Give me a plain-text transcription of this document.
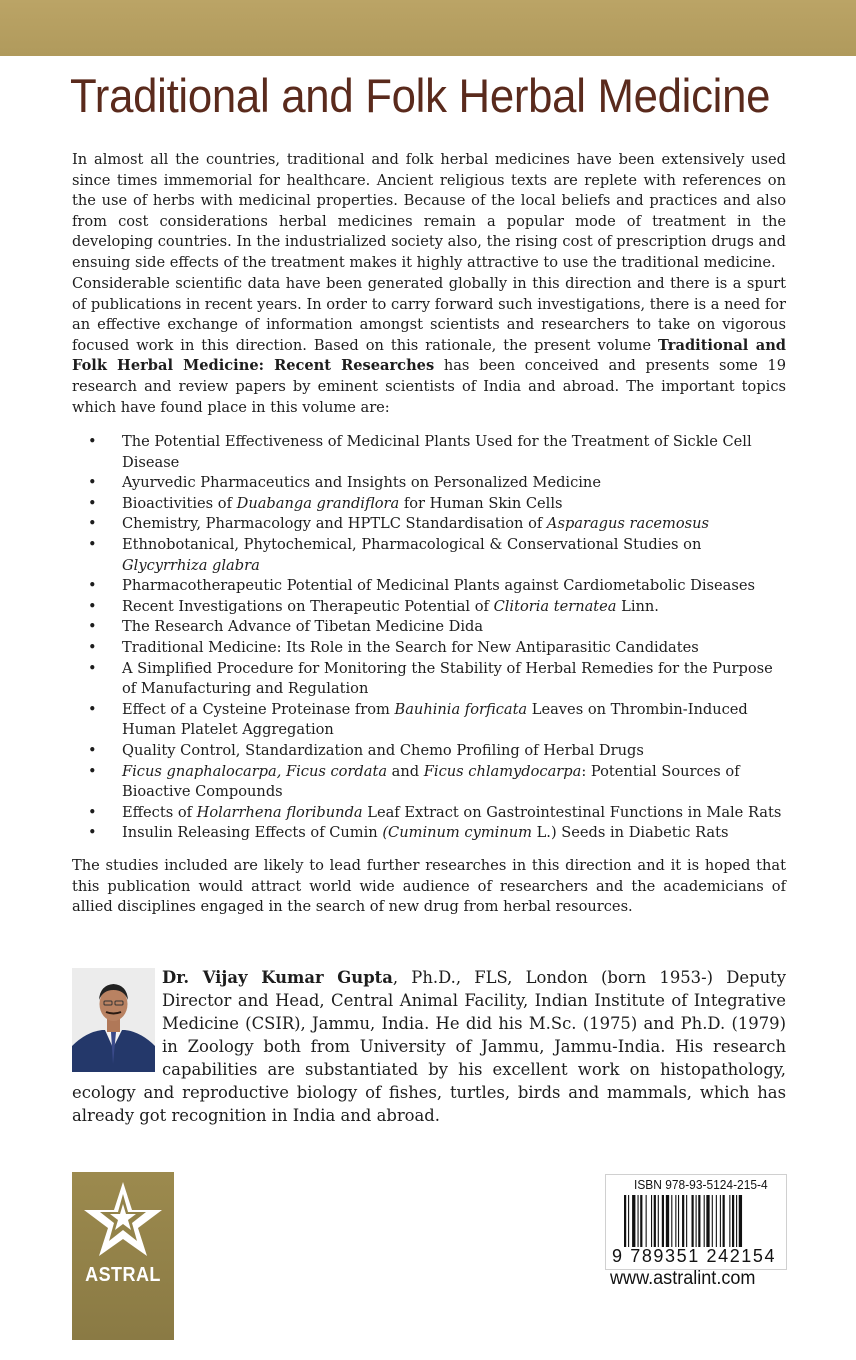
Traditional and Folk Herbal Medicine

In almost all the countries, traditional and folk herbal medicines have been extensively used since times immemorial for healthcare. Ancient religious texts are replete with references on the use of herbs with medicinal properties. Because of the local beliefs and practices and also from cost considerations herbal medicines remain a popular mode of treatment in the developing countries. In the industrialized society also, the rising cost of prescription drugs and ensuing side effects of the treatment makes it highly attractive to use the traditional medicine.

Considerable scientific data have been generated globally in this direction and there is a spurt of publications in recent years. In order to carry forward such investigations, there is a need for an effective exchange of information amongst scientists and researchers to take on vigorous focused work in this direction. Based on this rationale, the present volume Traditional and Folk Herbal Medicine: Recent Researches has been conceived and presents some 19 research and review papers by eminent scientists of India and abroad. The important topics which have found place in this volume are:

• The Potential Effectiveness of Medicinal Plants Used for the Treatment of Sickle Cell Disease
• Ayurvedic Pharmaceutics and Insights on Personalized Medicine
• Bioactivities of Duabanga grandiflora for Human Skin Cells
• Chemistry, Pharmacology and HPTLC Standardisation of Asparagus racemosus
• Ethnobotanical, Phytochemical, Pharmacological & Conservational Studies on Glycyrrhiza glabra
• Pharmacotherapeutic Potential of Medicinal Plants against Cardiometabolic Diseases
• Recent Investigations on Therapeutic Potential of Clitoria ternatea Linn.
• The Research Advance of Tibetan Medicine Dida
• Traditional Medicine: Its Role in the Search for New Antiparasitic Candidates
• A Simplified Procedure for Monitoring the Stability of Herbal Remedies for the Purpose of Manufacturing and Regulation
• Effect of a Cysteine Proteinase from Bauhinia forficata Leaves on Thrombin-Induced Human Platelet Aggregation
• Quality Control, Standardization and Chemo Profiling of Herbal Drugs
• Ficus gnaphalocarpa, Ficus cordata and Ficus chlamydocarpa: Potential Sources of Bioactive Compounds
• Effects of Holarrhena floribunda Leaf Extract on Gastrointestinal Functions in Male Rats
• Insulin Releasing Effects of Cumin (Cuminum cyminum L.) Seeds in Diabetic Rats

The studies included are likely to lead further researches in this direction and it is hoped that this publication would attract world wide audience of researchers and the academicians of allied disciplines engaged in the search of new drug from herbal resources.

Dr. Vijay Kumar Gupta, Ph.D., FLS, London (born 1953-) Deputy Director and Head, Central Animal Facility, Indian Institute of Integrative Medicine (CSIR), Jammu, India. He did his M.Sc. (1975) and Ph.D. (1979) in Zoology both from University of Jammu, Jammu-India. His research capabilities are substantiated by his excellent work on histopathology, ecology and reproductive biology of fishes, turtles, birds and mammals, which has already got recognition in India and abroad.

ASTRAL
ISBN 978-93-5124-215-4
9 789351 242154
www.astralint.com
